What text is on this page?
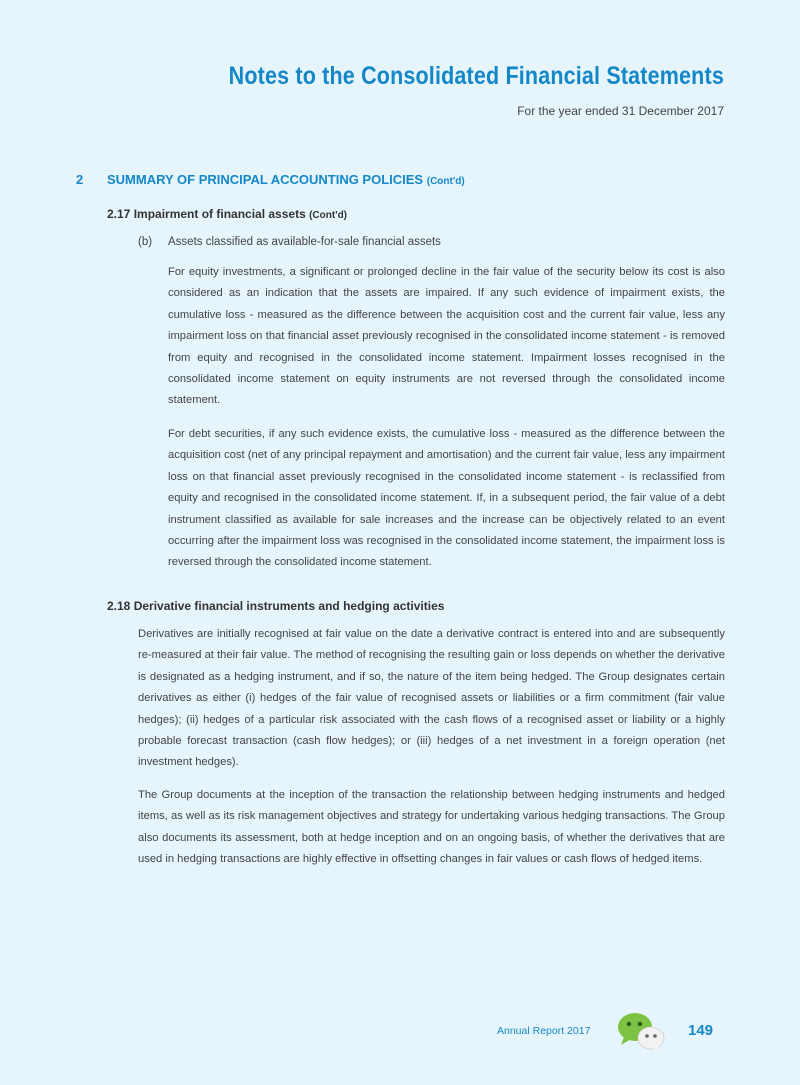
Notes to the Consolidated Financial Statements
For the year ended 31 December 2017
2 SUMMARY OF PRINCIPAL ACCOUNTING POLICIES (Cont'd)
2.17 Impairment of financial assets (Cont'd)
(b) Assets classified as available-for-sale financial assets

For equity investments, a significant or prolonged decline in the fair value of the security below its cost is also considered as an indication that the assets are impaired. If any such evidence of impairment exists, the cumulative loss - measured as the difference between the acquisition cost and the current fair value, less any impairment loss on that financial asset previously recognised in the consolidated income statement - is removed from equity and recognised in the consolidated income statement. Impairment losses recognised in the consolidated income statement on equity instruments are not reversed through the consolidated income statement.

For debt securities, if any such evidence exists, the cumulative loss - measured as the difference between the acquisition cost (net of any principal repayment and amortisation) and the current fair value, less any impairment loss on that financial asset previously recognised in the consolidated income statement - is reclassified from equity and recognised in the consolidated income statement. If, in a subsequent period, the fair value of a debt instrument classified as available for sale increases and the increase can be objectively related to an event occurring after the impairment loss was recognised in the consolidated income statement, the impairment loss is reversed through the consolidated income statement.

2.18 Derivative financial instruments and hedging activities

Derivatives are initially recognised at fair value on the date a derivative contract is entered into and are subsequently re-measured at their fair value. The method of recognising the resulting gain or loss depends on whether the derivative is designated as a hedging instrument, and if so, the nature of the item being hedged. The Group designates certain derivatives as either (i) hedges of the fair value of recognised assets or liabilities or a firm commitment (fair value hedges); (ii) hedges of a particular risk associated with the cash flows of a recognised asset or liability or a highly probable forecast transaction (cash flow hedges); or (iii) hedges of a net investment in a foreign operation (net investment hedges).

The Group documents at the inception of the transaction the relationship between hedging instruments and hedged items, as well as its risk management objectives and strategy for undertaking various hedging transactions. The Group also documents its assessment, both at hedge inception and on an ongoing basis, of whether the derivatives that are used in hedging transactions are highly effective in offsetting changes in fair values or cash flows of hedged items.

Annual Report 2017	149
